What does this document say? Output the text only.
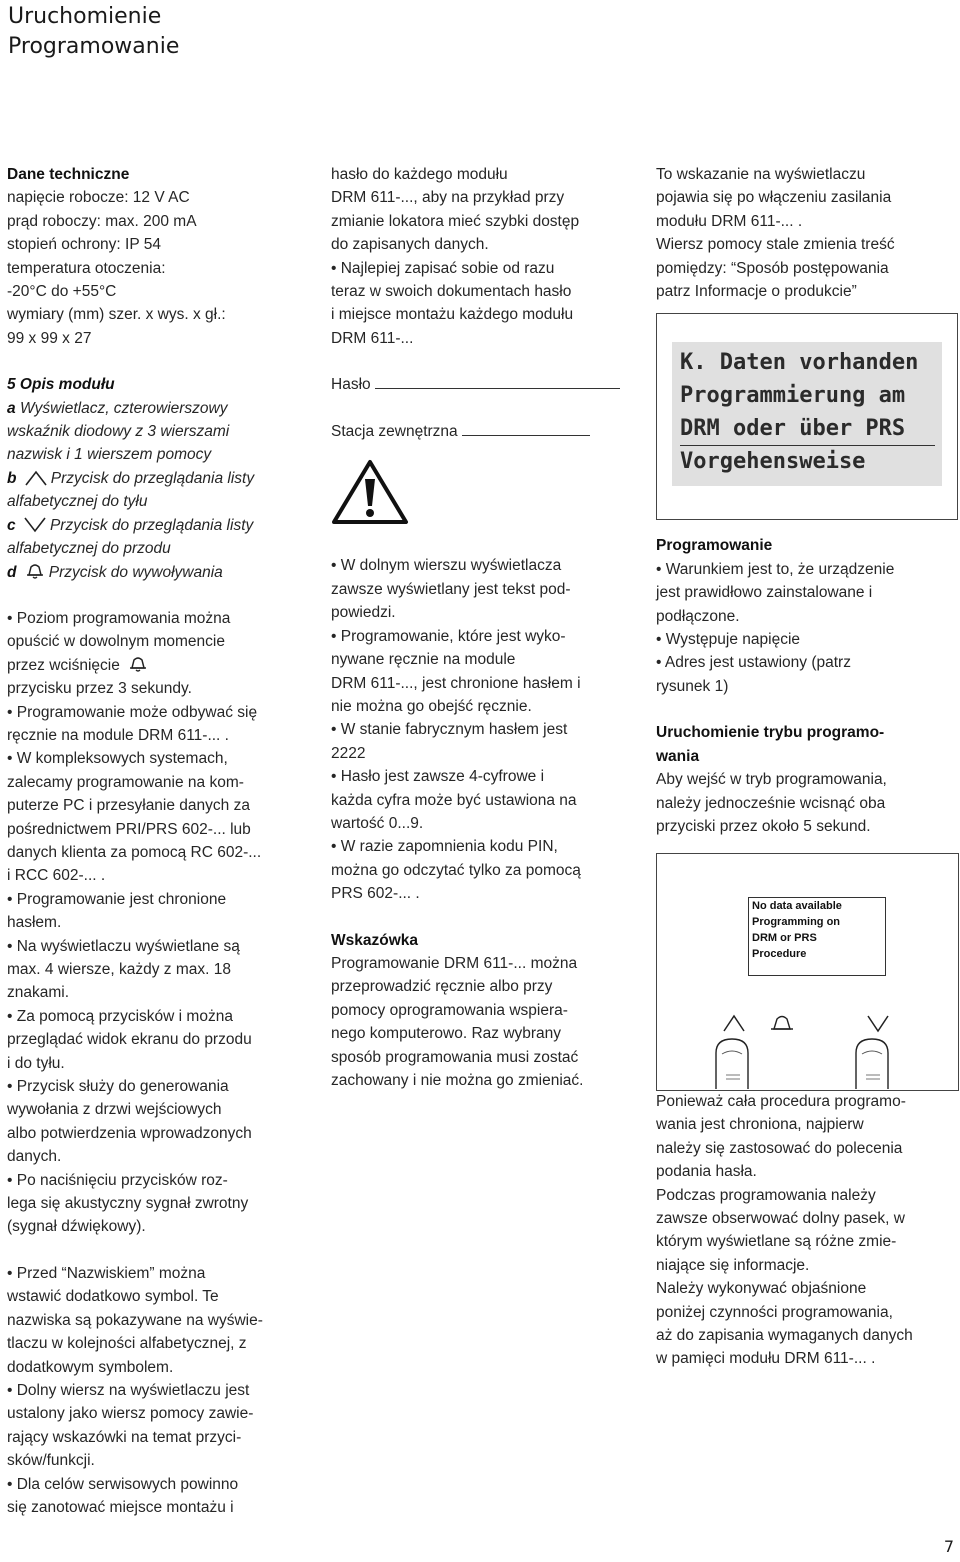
Uruchomienie
Programowanie

Dane techniczne

napięcie robocze: 12 V AC

prąd roboczy: max. 200 mA

stopień ochrony: IP 54

temperatura otoczenia:

-20°C do +55°C

wymiary (mm) szer. x wys. x gł.:

99 x 99 x 27

5 Opis modułu

a Wyświetlacz, czterowierszowy

wskaźnik diodowy z 3 wierszami

nazwisk i 1 wierszem pomocy

b Przycisk do przeglądania listy

alfabetycznej do tyłu

c Przycisk do przeglądania listy

alfabetycznej do przodu

d Przycisk do wywoływania

• Poziom programowania można

opuścić w dowolnym momencie

przez wciśnięcie

przycisku przez 3 sekundy.

• Programowanie może odbywać się

ręcznie na module DRM 611-... .

• W kompleksowych systemach,

zalecamy programowanie na kom-

puterze PC i przesyłanie danych za

pośrednictwem PRI/PRS 602-... lub

danych klienta za pomocą RC 602-...

i RCC 602-... .

• Programowanie jest chronione

hasłem.

• Na wyświetlaczu wyświetlane są

max. 4 wiersze, każdy z max. 18

znakami.

• Za pomocą przycisków i można

przeglądać widok ekranu do przodu

i do tyłu.

• Przycisk służy do generowania

wywołania z drzwi wejściowych

albo potwierdzenia wprowadzonych

danych.

• Po naciśnięciu przycisków roz-

lega się akustyczny sygnał zwrotny

(sygnał dźwiękowy).

• Przed “Nazwiskiem” można

wstawić dodatkowo symbol. Te

nazwiska są pokazywane na wyświe-

tlaczu w kolejności alfabetycznej, z

dodatkowym symbolem.

• Dolny wiersz na wyświetlaczu jest

ustalony jako wiersz pomocy zawie-

rający wskazówki na temat przyci-

sków/funkcji.

• Dla celów serwisowych powinno

się zanotować miejsce montażu i

hasło do każdego modułu

DRM 611-..., aby na przykład przy

zmianie lokatora mieć szybki dostęp

do zapisanych danych.

• Najlepiej zapisać sobie od razu

teraz w swoich dokumentach hasło

i miejsce montażu każdego modułu

DRM 611-...

Hasło

Stacja zewnętrzna

• W dolnym wierszu wyświetlacza

zawsze wyświetlany jest tekst pod-

powiedzi.

• Programowanie, które jest wyko-

nywane ręcznie na module

DRM 611-..., jest chronione hasłem i

nie można go obejść ręcznie.

• W stanie fabrycznym hasłem jest

2222

• Hasło jest zawsze 4-cyfrowe i

każda cyfra może być ustawiona na

wartość 0...9.

• W razie zapomnienia kodu PIN,

można go odczytać tylko za pomocą

PRS 602-... .

Wskazówka

Programowanie DRM 611-... można

przeprowadzić ręcznie albo przy

pomocy oprogramowania wspiera-

nego komputerowo. Raz wybrany

sposób programowania musi zostać

zachowany i nie można go zmieniać.

To wskazanie na wyświetlaczu

pojawia się po włączeniu zasilania

modułu DRM 611-... .

Wiersz pomocy stale zmienia treść

pomiędzy: “Sposób postępowania

patrz Informacje o produkcie”

K. Daten vorhanden
Programmierung am
DRM oder über PRS
Vorgehensweise

Programowanie

• Warunkiem jest to, że urządzenie

jest prawidłowo zainstalowane i

podłączone.

• Występuje napięcie

• Adres jest ustawiony (patrz

rysunek 1)

Uruchomienie trybu programo-

wania

Aby wejść w tryb programowania,

należy jednocześnie wcisnąć oba

przyciski przez około 5 sekund.

No data available
Programming on
DRM or PRS
Procedure

Ponieważ cała procedura programo-

wania jest chroniona, najpierw

należy się zastosować do polecenia

podania hasła.

Podczas programowania należy

zawsze obserwować dolny pasek, w

którym wyświetlane są różne zmie-

niające się informacje.

Należy wykonywać objaśnione

poniżej czynności programowania,

aż do zapisania wymaganych danych

w pamięci modułu DRM 611-... .

7
